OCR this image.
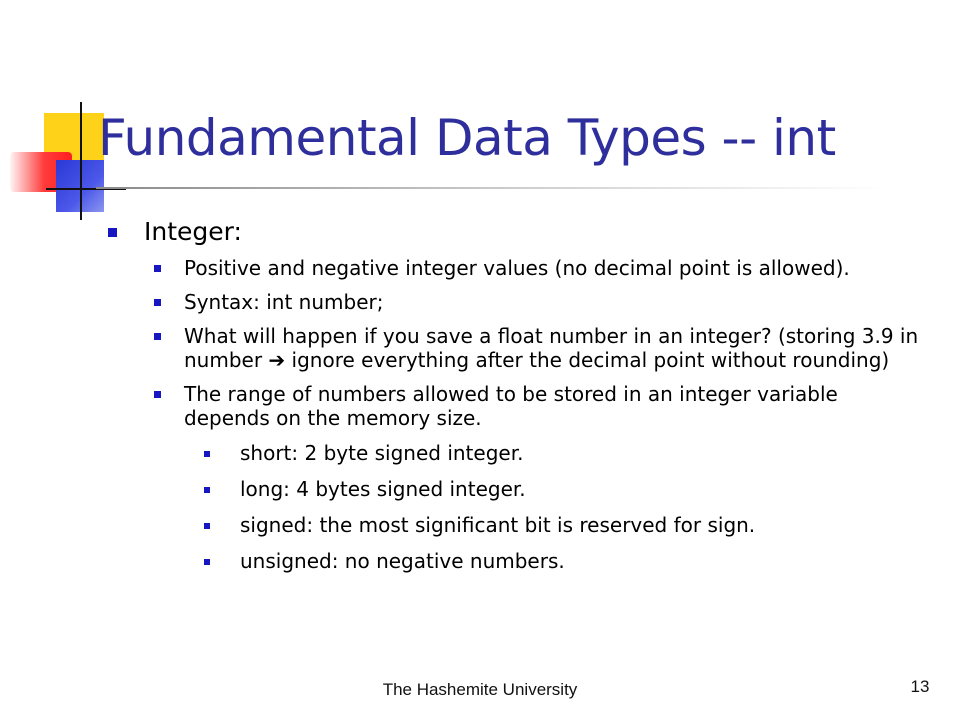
Fundamental Data Types -- int
Integer:
Positive and negative integer values (no decimal point is allowed).
Syntax: int number;
What will happen if you save a float number in an integer? (storing 3.9 in number ➔ ignore everything after the decimal point without rounding)
The range of numbers allowed to be stored in an integer variable depends on the memory size.
short: 2 byte signed integer.
long: 4 bytes signed integer.
signed: the most significant bit is reserved for sign.
unsigned: no negative numbers.
The Hashemite University	13
